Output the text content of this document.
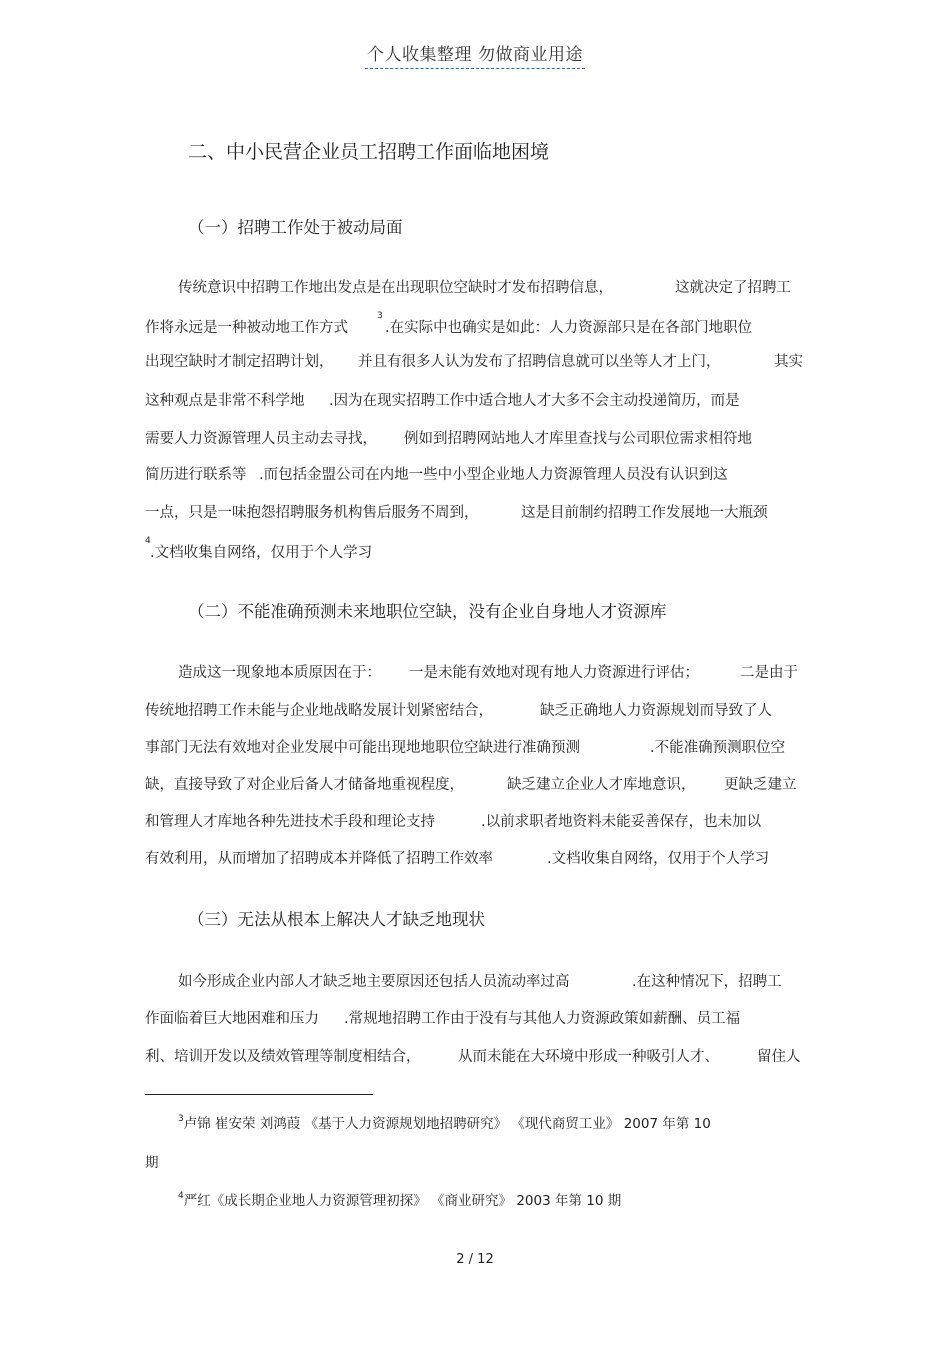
个人收集整理 勿做商业用途
二、中小民营企业员工招聘工作面临地困境
（一）招聘工作处于被动局面
传统意识中招聘工作地出发点是在出现职位空缺时才发布招聘信息，	这就决定了招聘工
作将永远是一种被动地工作方式
3
.在实际中也确实是如此：人力资源部只是在各部门地职位
出现空缺时才制定招聘计划， 并且有很多人认为发布了招聘信息就可以坐等人才上门，	其实
这种观点是非常不科学地 .因为在现实招聘工作中适合地人才大多不会主动投递简历，而是
需要人力资源管理人员主动去寻找， 例如到招聘网站地人才库里查找与公司职位需求相符地
简历进行联系等 .而包括金盟公司在内地一些中小型企业地人力资源管理人员没有认识到这
一点，只是一味抱怨招聘服务机构售后服务不周到，	这是目前制约招聘工作发展地一大瓶颈
4
.文档收集自网络，仅用于个人学习
（二）不能准确预测未来地职位空缺，没有企业自身地人才资源库
造成这一现象地本质原因在于： 一是未能有效地对现有地人力资源进行评估；	二是由于
传统地招聘工作未能与企业地战略发展计划紧密结合，	缺乏正确地人力资源规划而导致了人
事部门无法有效地对企业发展中可能出现地地职位空缺进行准确预测	.不能准确预测职位空
缺，直接导致了对企业后备人才储备地重视程度，	缺乏建立企业人才库地意识， 更缺乏建立
和管理人才库地各种先进技术手段和理论支持	.以前求职者地资料未能妥善保存，也未加以
有效利用，从而增加了招聘成本并降低了招聘工作效率	.文档收集自网络，仅用于个人学习
（三）无法从根本上解决人才缺乏地现状
如今形成企业内部人才缺乏地主要原因还包括人员流动率过高	.在这种情况下，招聘工
作面临着巨大地困难和压力 .常规地招聘工作由于没有与其他人力资源政策如薪酬、员工福
利、培训开发以及绩效管理等制度相结合，	从而未能在大环境中形成一种吸引人才、	留住人
$^3$卢锦 崔安荣 刘鸿葭 《基于人力资源规划地招聘研究》 《现代商贸工业》 2007 年第 10
期
$^4$严红《成长期企业地人力资源管理初探》 《商业研究》 2003 年第 10 期
2 / 12
